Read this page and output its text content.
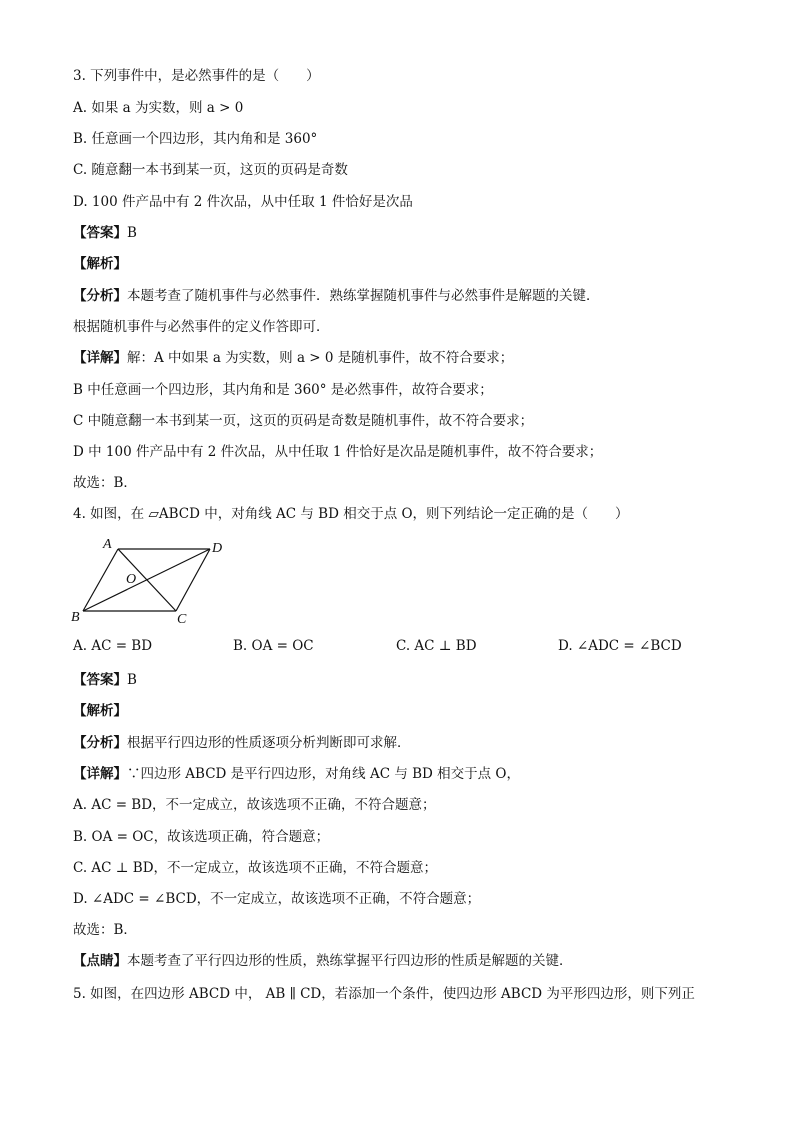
3. 下列事件中，是必然事件的是（　　）
A. 如果 a 为实数，则 a > 0
B. 任意画一个四边形，其内角和是 360°
C. 随意翻一本书到某一页，这页的页码是奇数
D. 100 件产品中有 2 件次品，从中任取 1 件恰好是次品
【答案】B
【解析】
【分析】本题考查了随机事件与必然事件．熟练掌握随机事件与必然事件是解题的关键．
根据随机事件与必然事件的定义作答即可．
【详解】解：A 中如果 a 为实数，则 a > 0 是随机事件，故不符合要求；
B 中任意画一个四边形，其内角和是 360° 是必然事件，故符合要求；
C 中随意翻一本书到某一页，这页的页码是奇数是随机事件，故不符合要求；
D 中 100 件产品中有 2 件次品，从中任取 1 件恰好是次品是随机事件，故不符合要求；
故选：B．
4. 如图，在 ▱ABCD 中，对角线 AC 与 BD 相交于点 O，则下列结论一定正确的是（　　）
A	D
O
B	C
A. AC = BD	B. OA = OC	C. AC ⊥ BD	D. ∠ADC = ∠BCD
【答案】B
【解析】
【分析】根据平行四边形的性质逐项分析判断即可求解．
【详解】∵四边形 ABCD 是平行四边形，对角线 AC 与 BD 相交于点 O，
A. AC = BD，不一定成立，故该选项不正确，不符合题意；
B. OA = OC，故该选项正确，符合题意；
C. AC ⊥ BD，不一定成立，故该选项不正确，不符合题意；
D. ∠ADC = ∠BCD，不一定成立，故该选项不正确，不符合题意；
故选：B．
【点睛】本题考查了平行四边形的性质，熟练掌握平行四边形的性质是解题的关键．
5. 如图，在四边形 ABCD 中， AB ∥ CD，若添加一个条件，使四边形 ABCD 为平形四边形，则下列正
